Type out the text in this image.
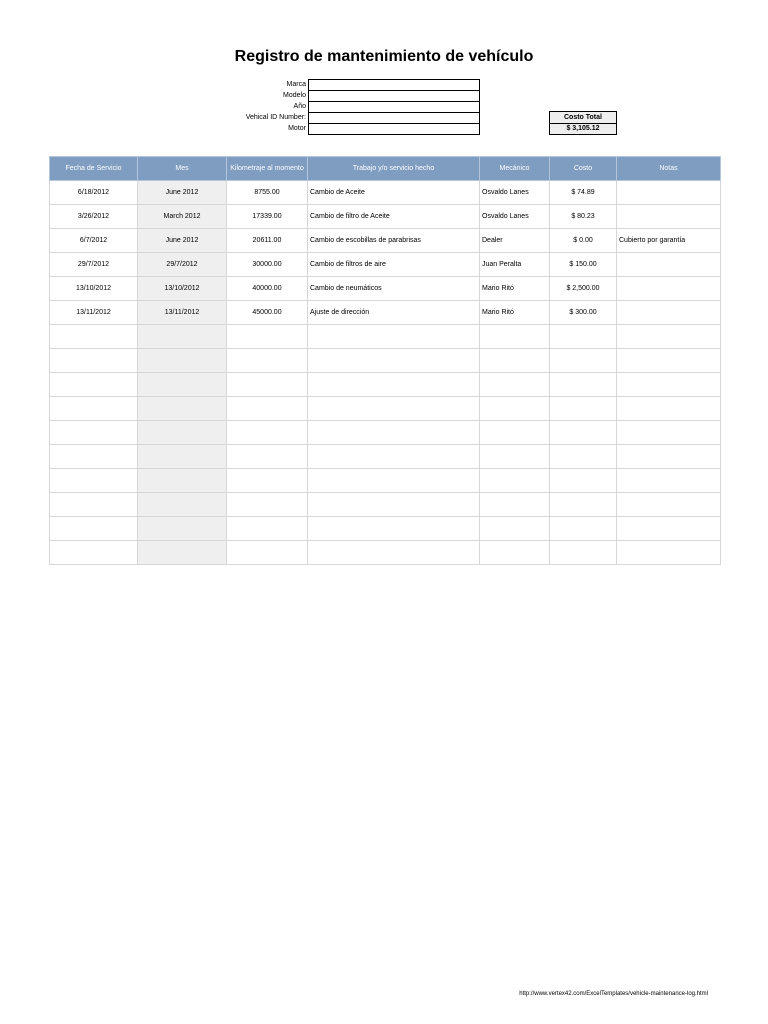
Registro de mantenimiento de vehículo
Marca
Modelo
Año
Vehical ID Number:
Motor
Costo Total
$ 3,105.12
Fecha de Servicio	Mes	Kilometraje al momento	Trabajo y/o servicio hecho	Mecánico	Costo	Notas
6/18/2012	June 2012	8755.00	Cambio de Aceite	Osvaldo Lanes	$ 74.89	
3/26/2012	March 2012	17339.00	Cambio de filtro de Aceite	Osvaldo Lanes	$ 80.23	
6/7/2012	June 2012	20611.00	Cambio de escobillas de parabrisas	Dealer	$ 0.00	Cubierto por garantía
29/7/2012	29/7/2012	30000.00	Cambio de filtros de aire	Juan Peralta	$ 150.00	
13/10/2012	13/10/2012	40000.00	Cambio de neumáticos	Mario Ritó	$ 2,500.00	
13/11/2012	13/11/2012	45000.00	Ajuste de dirección	Mario Ritó	$ 300.00	

http://www.vertex42.com/ExcelTemplates/vehicle-maintenance-log.html
